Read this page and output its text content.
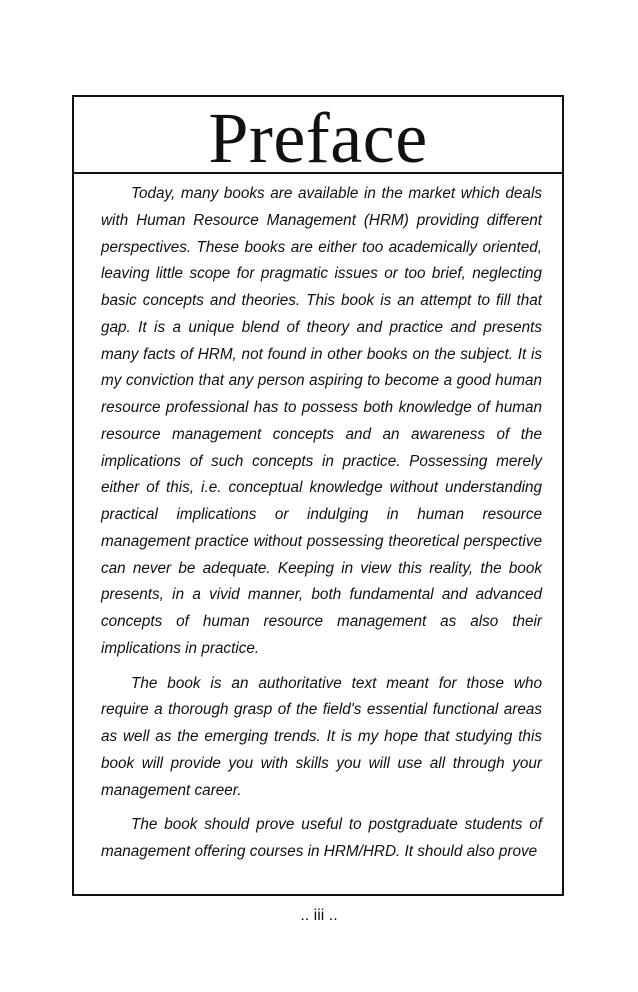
Preface

Today, many books are available in the market which deals with Human Resource Management (HRM) providing different perspectives. These books are either too academically oriented, leaving little scope for pragmatic issues or too brief, neglecting basic concepts and theories. This book is an attempt to fill that gap. It is a unique blend of theory and practice and presents many facts of HRM, not found in other books on the subject. It is my conviction that any person aspiring to become a good human resource professional has to possess both knowledge of human resource management concepts and an awareness of the implications of such concepts in practice. Possessing merely either of this, i.e. conceptual knowledge without understanding practical implications or indulging in human resource management practice without possessing theoretical perspective can never be adequate. Keeping in view this reality, the book presents, in a vivid manner, both fundamental and advanced concepts of human resource management as also their implications in practice.

The book is an authoritative text meant for those who require a thorough grasp of the field's essential functional areas as well as the emerging trends. It is my hope that studying this book will provide you with skills you will use all through your management career.

The book should prove useful to postgraduate students of management offering courses in HRM/HRD. It should also prove

.. iii ..
